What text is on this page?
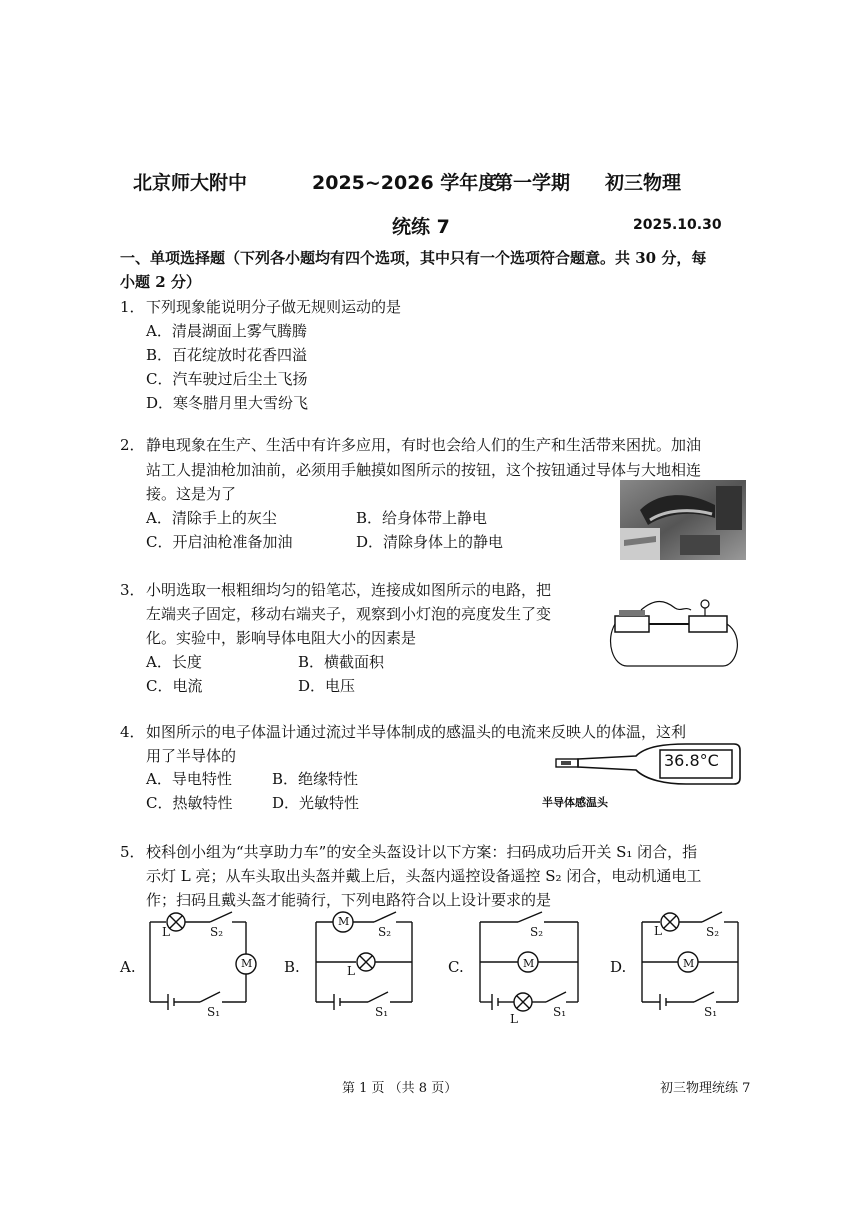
北京师大附中	2025~2026 学年度
第一学期 初三物理
统练 7	2025.10.30
一、单项选择题（下列各小题均有四个选项，其中只有一个选项符合题意。共 30 分，每
小题 2 分）
1． 下列现象能说明分子做无规则运动的是
A．清晨湖面上雾气腾腾
B．百花绽放时花香四溢
C．汽车驶过后尘土飞扬
D．寒冬腊月里大雪纷飞
2． 静电现象在生产、生活中有许多应用，有时也会给人们的生产和生活带来困扰。加油
站工人提油枪加油前，必须用手触摸如图所示的按钮，这个按钮通过导体与大地相连
接。这是为了
A．清除手上的灰尘	B．给身体带上静电
C．开启油枪准备加油	D．清除身体上的静电
3． 小明选取一根粗细均匀的铅笔芯，连接成如图所示的电路，把
左端夹子固定，移动右端夹子，观察到小灯泡的亮度发生了变
化。实验中，影响导体电阻大小的因素是
A．长度	B．横截面积
C．电流	D．电压
4． 如图所示的电子体温计通过流过半导体制成的感温头的电流来反映人的体温，这利
用了半导体的
A．导电特性	B．绝缘特性
C．热敏特性	D．光敏特性
36.8°C
半导体感温头
5． 校科创小组为“共享助力车”的安全头盔设计以下方案：扫码成功后开关 S₁ 闭合，指
示灯 L 亮；从车头取出头盔并戴上后，头盔内遥控设备遥控 S₂ 闭合，电动机通电工
作；扫码且戴头盔才能骑行，下列电路符合以上设计要求的是
A.	B.	C.	D.
L	S₂
M
S₁
M
S₂
L
S₁
S₂
M
L	S₁
L	S₂
M
S₁
第 1 页 （共 8 页）	初三物理统练 7
